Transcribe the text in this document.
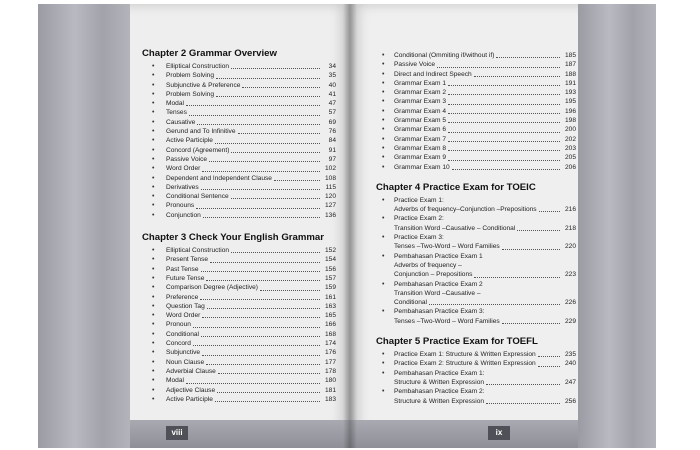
viii
Chapter 2 Grammar Overview
• Elliptical Construction	34
• Problem Solving	35
• Subjunctive & Preference	40
• Problem Solving	41
• Modal	47
• Tenses	57
• Causative	69
• Gerund and To Infinitive	76
• Active Participle	84
• Concord (Agreement)	91
• Passive Voice	97
• Word Order	102
• Dependent and Independent Clause	108
• Derivatives	115
• Conditional Sentence	120
• Pronouns	127
• Conjunction	136
Chapter 3 Check Your English Grammar
• Elliptical Construction	152
• Present Tense	154
• Past Tense	156
• Future Tense	157
• Comparison Degree (Adjective)	159
• Preference	161
• Question Tag	163
• Word Order	165
• Pronoun	166
• Conditional	168
• Concord	174
• Subjunctive	176
• Noun Clause	177
• Adverbial Clause	178
• Modal	180
• Adjective Clause	181
• Active Participle	183
ix
• Conditional (Ommiting if/without if)	185
• Passive Voice	187
• Direct and Indirect Speech	188
• Grammar Exam 1	191
• Grammar Exam 2	193
• Grammar Exam 3	195
• Grammar Exam 4	196
• Grammar Exam 5	198
• Grammar Exam 6	200
• Grammar Exam 7	202
• Grammar Exam 8	203
• Grammar Exam 9	205
• Grammar Exam 10	206
Chapter 4 Practice Exam for TOEIC
• Practice Exam 1:
Adverbs of frequency–Conjunction –Prepositions	216
• Practice Exam 2:
Transition Word –Causative – Conditional	218
• Practice Exam 3:
Tenses –Two-Word – Word Families	220
• Pembahasan Practice Exam 1
Adverbs of frequency –
Conjunction – Prepositions	223
• Pembahasan Practice Exam 2
Transition Word –Causative –
Conditional	226
• Pembahasan Practice Exam 3:
Tenses –Two-Word – Word Families	229
Chapter 5 Practice Exam for TOEFL
• Practice Exam 1: Structure & Written Expression	235
• Practice Exam 2: Structure & Written Expression	240
• Pembahasan Practice Exam 1:
Structure & Written Expression	247
• Pembahasan Practice Exam 2:
Structure & Written Expression	256
